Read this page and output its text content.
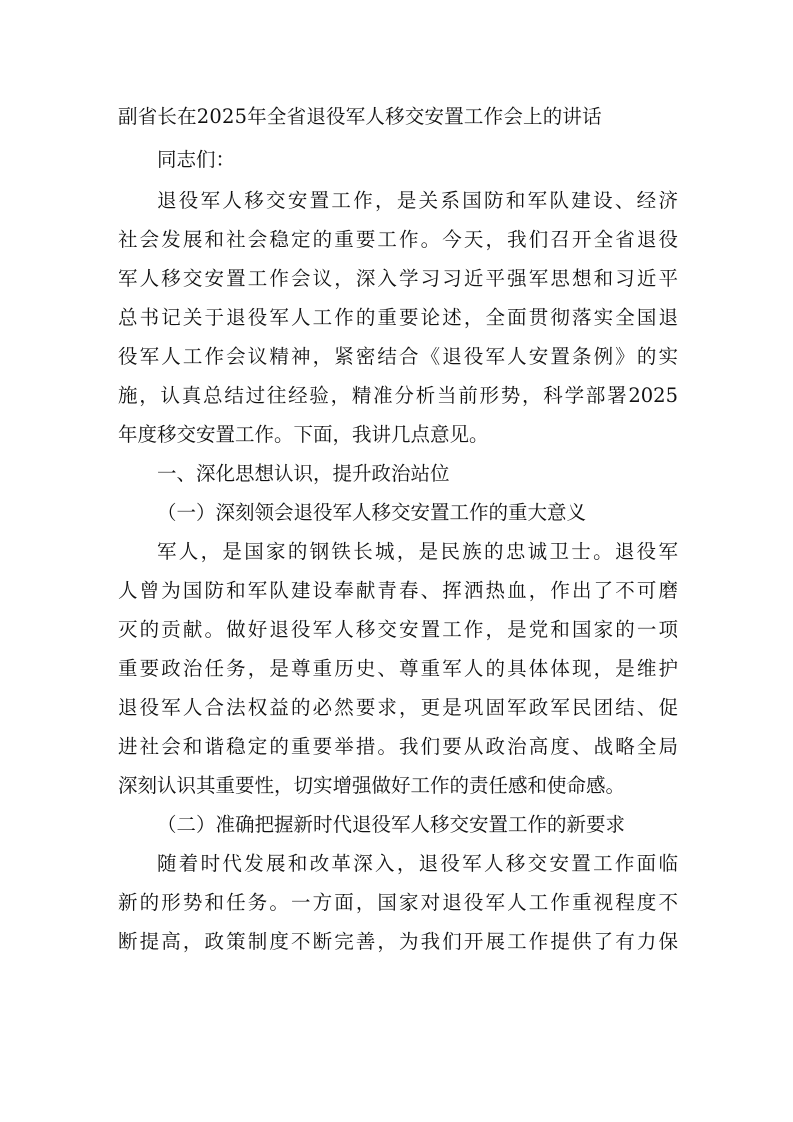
副省长在2025年全省退役军人移交安置工作会上的讲话
同志们：
退役军人移交安置工作，是关系国防和军队建设、经济
社会发展和社会稳定的重要工作。今天，我们召开全省退役
军人移交安置工作会议，深入学习习近平强军思想和习近平
总书记关于退役军人工作的重要论述，全面贯彻落实全国退
役军人工作会议精神，紧密结合《退役军人安置条例》的实
施，认真总结过往经验，精准分析当前形势，科学部署2025
年度移交安置工作。下面，我讲几点意见。
一、深化思想认识，提升政治站位
（一）深刻领会退役军人移交安置工作的重大意义
军人，是国家的钢铁长城，是民族的忠诚卫士。退役军
人曾为国防和军队建设奉献青春、挥洒热血，作出了不可磨
灭的贡献。做好退役军人移交安置工作，是党和国家的一项
重要政治任务，是尊重历史、尊重军人的具体体现，是维护
退役军人合法权益的必然要求，更是巩固军政军民团结、促
进社会和谐稳定的重要举措。我们要从政治高度、战略全局
深刻认识其重要性，切实增强做好工作的责任感和使命感。
（二）准确把握新时代退役军人移交安置工作的新要求
随着时代发展和改革深入，退役军人移交安置工作面临
新的形势和任务。一方面，国家对退役军人工作重视程度不
断提高，政策制度不断完善，为我们开展工作提供了有力保
